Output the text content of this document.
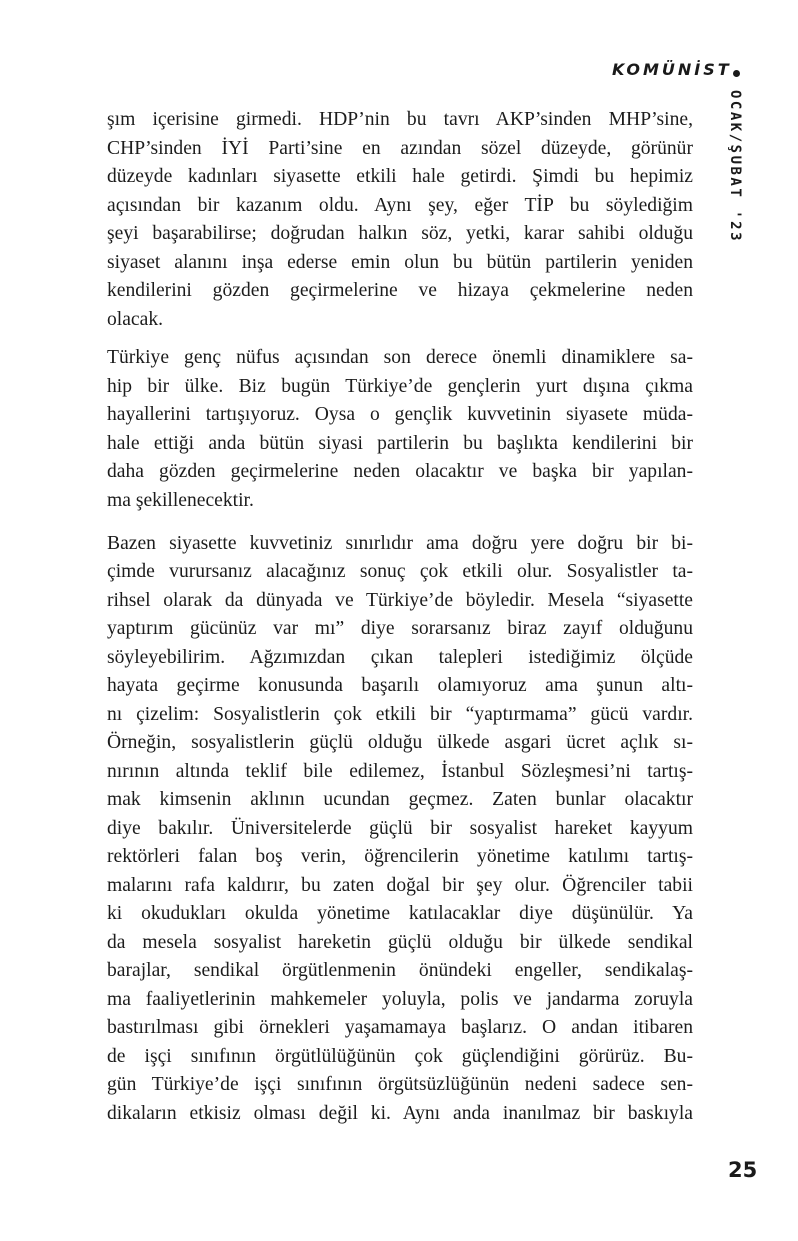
KOMÜNİST
OCAK/ŞUBAT '23
şım içerisine girmedi. HDP’nin bu tavrı AKP’sinden MHP’sine,
CHP’sinden İYİ Parti’sine en azından sözel düzeyde, görünür
düzeyde kadınları siyasette etkili hale getirdi. Şimdi bu hepimiz
açısından bir kazanım oldu. Aynı şey, eğer TİP bu söylediğim
şeyi başarabilirse; doğrudan halkın söz, yetki, karar sahibi olduğu
siyaset alanını inşa ederse emin olun bu bütün partilerin yeniden
kendilerini gözden geçirmelerine ve hizaya çekmelerine neden
olacak.
Türkiye genç nüfus açısından son derece önemli dinamiklere sa-
hip bir ülke. Biz bugün Türkiye’de gençlerin yurt dışına çıkma
hayallerini tartışıyoruz. Oysa o gençlik kuvvetinin siyasete müda-
hale ettiği anda bütün siyasi partilerin bu başlıkta kendilerini bir
daha gözden geçirmelerine neden olacaktır ve başka bir yapılan-
ma şekillenecektir.
Bazen siyasette kuvvetiniz sınırlıdır ama doğru yere doğru bir bi-
çimde vurursanız alacağınız sonuç çok etkili olur. Sosyalistler ta-
rihsel olarak da dünyada ve Türkiye’de böyledir. Mesela “siyasette
yaptırım gücünüz var mı” diye sorarsanız biraz zayıf olduğunu
söyleyebilirim. Ağzımızdan çıkan talepleri istediğimiz ölçüde
hayata geçirme konusunda başarılı olamıyoruz ama şunun altı-
nı çizelim: Sosyalistlerin çok etkili bir “yaptırmama” gücü vardır.
Örneğin, sosyalistlerin güçlü olduğu ülkede asgari ücret açlık sı-
nırının altında teklif bile edilemez, İstanbul Sözleşmesi’ni tartış-
mak kimsenin aklının ucundan geçmez. Zaten bunlar olacaktır
diye bakılır. Üniversitelerde güçlü bir sosyalist hareket kayyum
rektörleri falan boş verin, öğrencilerin yönetime katılımı tartış-
malarını rafa kaldırır, bu zaten doğal bir şey olur. Öğrenciler tabii
ki okudukları okulda yönetime katılacaklar diye düşünülür. Ya
da mesela sosyalist hareketin güçlü olduğu bir ülkede sendikal
barajlar, sendikal örgütlenmenin önündeki engeller, sendikalaş-
ma faaliyetlerinin mahkemeler yoluyla, polis ve jandarma zoruyla
bastırılması gibi örnekleri yaşamamaya başlarız. O andan itibaren
de işçi sınıfının örgütlülüğünün çok güçlendiğini görürüz. Bu-
gün Türkiye’de işçi sınıfının örgütsüzlüğünün nedeni sadece sen-
dikaların etkisiz olması değil ki. Aynı anda inanılmaz bir baskıyla
25
